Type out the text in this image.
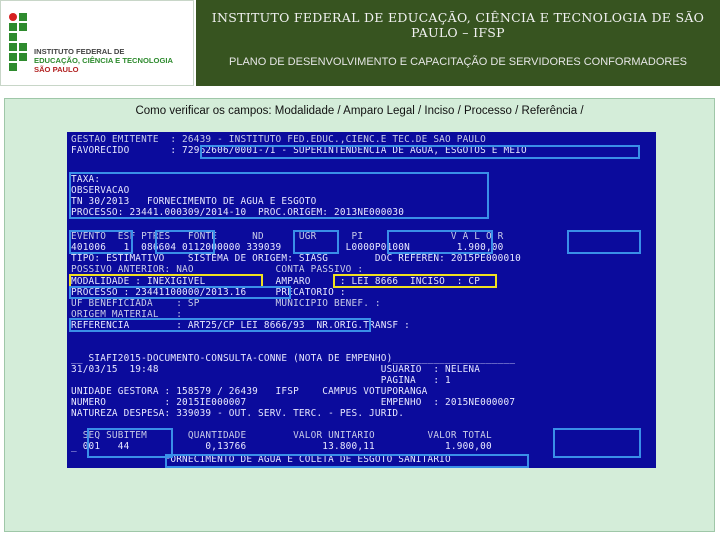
INSTITUTO FEDERAL DE
EDUCAÇÃO, CIÊNCIA E TECNOLOGIA
SÃO PAULO
INSTITUTO FEDERAL DE EDUCAÇÃO, CIÊNCIA E TECNOLOGIA DE SÃO PAULO – IFSP
PLANO DE DESENVOLVIMENTO E CAPACITAÇÃO DE SERVIDORES CONFORMADORES
Como verificar os campos: Modalidade / Amparo Legal / Inciso / Processo / Referência /
GESTAO EMITENTE  : 26439 - INSTITUTO FED.EDUC.,CIENC.E TEC.DE SAO PAULO
FAVORECIDO       : 72962606/0001-71 - SUPERINTENDENCIA DE AGUA, ESGOTOS E MEIO
TAXA:
OBSERVACAO
TN 30/2013   FORNECIMENTO DE AGUA E ESGOTO
PROCESSO: 23441.000309/2014-10  PROC.ORIGEM: 2013NE000030
EVENTO  ESF PTRES   FONTE      ND      UGR      PI               V A L O R
401006   1  086604 0112000000 339039           L0000P0100N        1.900,00
TIPO: ESTIMATIVO    SISTEMA DE ORIGEM: SIASG        DOC REFEREN: 2015PE000010
POSSIVO ANTERIOR: NAO              CONTA PASSIVO :
MODALIDADE : INEXIGIVEL            AMPARO     : LEI 8666  INCISO  : CP
PROCESSO : 23441100000/2013.16     PRECATORIO :
UF BENEFICIADA    : SP             MUNICIPIO BENEF. :
ORIGEM MATERIAL   :
REFERENCIA        : ART25/CP LEI 8666/93  NR.ORIG.TRANSF :
__ SIAFI2015-DOCUMENTO-CONSULTA-CONNE (NOTA DE EMPENHO)_____________________
31/03/15  19:48                                      USUARIO  : NELENA
PAGINA   : 1
UNIDADE GESTORA : 158579 / 26439   IFSP    CAMPUS VOTUPORANGA
NUMERO          : 2015IE000007                       EMPENHO  : 2015NE000007
NATUREZA DESPESA: 339039 - OUT. SERV. TERC. - PES. JURID.
SEQ SUBITEM       QUANTIDADE        VALOR UNITARIO         VALOR TOTAL
_ 001   44             0,13766             13.800,11            1.900,00
FORNECIMENTO DE AGUA E COLETA DE ESGOTO SANITARIO
